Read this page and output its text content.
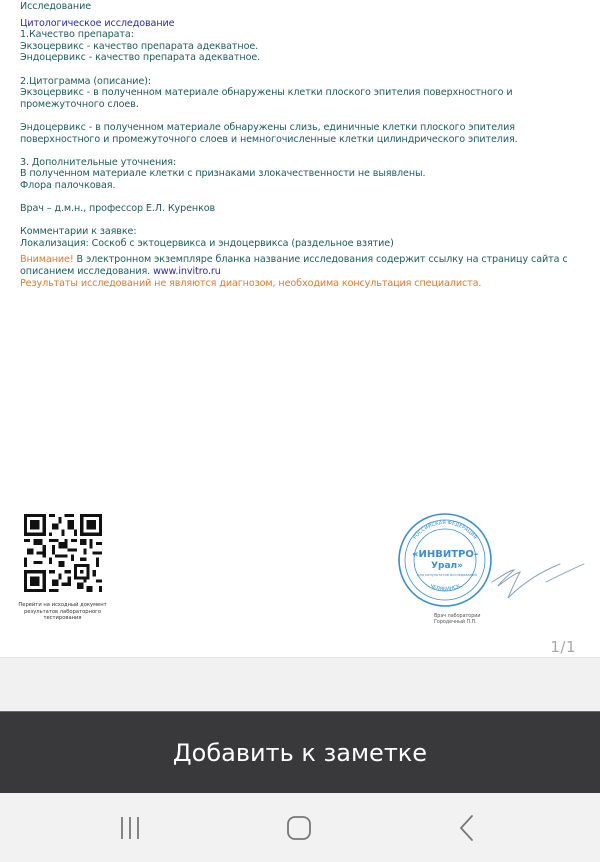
Исследование
Цитологическое исследование
1.Качество препарата:
Экзоцервикс - качество препарата адекватное.
Эндоцервикс - качество препарата адекватное.
2.Цитограмма (описание):
Экзоцервикс - в полученном материале обнаружены клетки плоского эпителия поверхностного и промежуточного слоев.
Эндоцервикс - в полученном материале обнаружены слизь, единичные клетки плоского эпителия поверхностного и промежуточного слоев и немногочисленные клетки цилиндрического эпителия.
3. Дополнительные уточнения:
В полученном материале клетки с признаками злокачественности не выявлены.
Флора палочковая.
Врач – д.м.н., профессор Е.Л. Куренков
Комментарии к заявке:
Локализация: Соскоб с эктоцервикса и эндоцервикса (раздельное взятие)
Внимание! В электронном экземпляре бланка название исследования содержит ссылку на страницу сайта с описанием исследования. www.invitro.ru
Результаты исследований не являются диагнозом, необходима консультация специалиста.
Перейти на исходный документ результатов лабораторного тестирования
РОССИЙСКАЯ ФЕДЕРАЦИЯ
ЧЕЛЯБИНСК
«ИНВИТРО-
Урал»
для результатов исследований
Врач лаборатории
Городечный П.П.
1/1
Добавить к заметке
